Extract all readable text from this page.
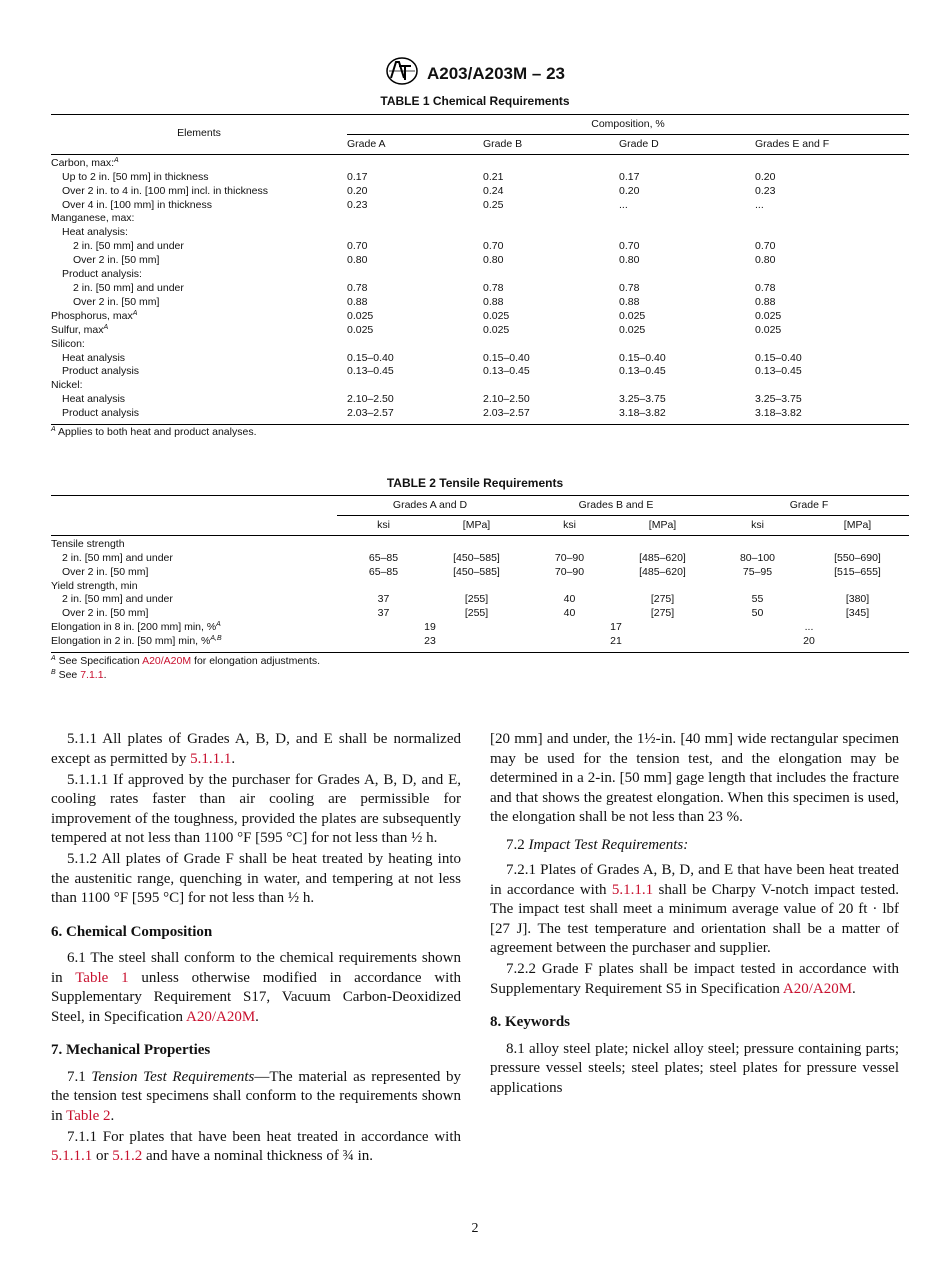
A203/A203M – 23
TABLE 1 Chemical Requirements
Elements	Composition, %			
	Grade A	Grade B	Grade D	Grades E and F
Carbon, max:$^A$				
Up to 2 in. [50 mm] in thickness	0.17	0.21	0.17	0.20
Over 2 in. to 4 in. [100 mm] incl. in thickness	0.20	0.24	0.20	0.23
Over 4 in. [100 mm] in thickness	0.23	0.25	...	...
Manganese, max:				
Heat analysis:				
2 in. [50 mm] and under	0.70	0.70	0.70	0.70
Over 2 in. [50 mm]	0.80	0.80	0.80	0.80
Product analysis:				
2 in. [50 mm] and under	0.78	0.78	0.78	0.78
Over 2 in. [50 mm]	0.88	0.88	0.88	0.88
Phosphorus, $\max^A$	0.025	0.025	0.025	0.025
Sulfur, $\max^A$	0.025	0.025	0.025	0.025
Silicon:				
Heat analysis	0.15–0.40	0.15–0.40	0.15–0.40	0.15–0.40
Product analysis	0.13–0.45	0.13–0.45	0.13–0.45	0.13–0.45
Nickel:				
Heat analysis	2.10–2.50	2.10–2.50	3.25–3.75	3.25–3.75
Product analysis	2.03–2.57	2.03–2.57	3.18–3.82	3.18–3.82
$^A$ Applies to both heat and product analyses.
TABLE 2 Tensile Requirements
	Grades A and D		Grades B and E		Grade F	
	ksi	[MPa]	ksi	[MPa]	ksi	[MPa]
Tensile strength						
2 in. [50 mm] and under	65–85	[450–585]	70–90	[485–620]	80–100	[550–690]
Over 2 in. [50 mm]	65–85	[450–585]	70–90	[485–620]	75–95	[515–655]
Yield strength, min						
2 in. [50 mm] and under	37	[255]	40	[275]	55	[380]
Over 2 in. [50 mm]	37	[255]	40	[275]	50	[345]
Elongation in 8 in. [200 mm] min, %$^A$	19		17		...	
Elongation in 2 in. [50 mm] min, %$^{A,B}$	23		21		20	
$^A$ See Specification A20/A20M for elongation adjustments.
$^B$ See 7.1.1.

5.1.1 All plates of Grades A, B, D, and E shall be normalized except as permitted by 5.1.1.1.

5.1.1.1 If approved by the purchaser for Grades A, B, D, and E, cooling rates faster than air cooling are permissible for improvement of the toughness, provided the plates are subsequently tempered at not less than 1100 °F [595 °C] for not less than ½ h.

5.1.2 All plates of Grade F shall be heat treated by heating into the austenitic range, quenching in water, and tempering at not less than 1100 °F [595 °C] for not less than ½ h.

6. Chemical Composition

6.1 The steel shall conform to the chemical requirements shown in Table 1 unless otherwise modified in accordance with Supplementary Requirement S17, Vacuum Carbon-Deoxidized Steel, in Specification A20/A20M.

7. Mechanical Properties

7.1 Tension Test Requirements—The material as represented by the tension test specimens shall conform to the requirements shown in Table 2.

7.1.1 For plates that have been heat treated in accordance with 5.1.1.1 or 5.1.2 and have a nominal thickness of ¾ in.

[20 mm] and under, the 1½-in. [40 mm] wide rectangular specimen may be used for the tension test, and the elongation may be determined in a 2-in. [50 mm] gage length that includes the fracture and that shows the greatest elongation. When this specimen is used, the elongation shall be not less than 23 %.

7.2 Impact Test Requirements:

7.2.1 Plates of Grades A, B, D, and E that have been heat treated in accordance with 5.1.1.1 shall be Charpy V-notch impact tested. The impact test shall meet a minimum average value of 20 ft · lbf [27 J]. The test temperature and orientation shall be a matter of agreement between the purchaser and supplier.

7.2.2 Grade F plates shall be impact tested in accordance with Supplementary Requirement S5 in Specification A20/A20M.

8. Keywords

8.1 alloy steel plate; nickel alloy steel; pressure containing parts; pressure vessel steels; steel plates; steel plates for pressure vessel applications

2
